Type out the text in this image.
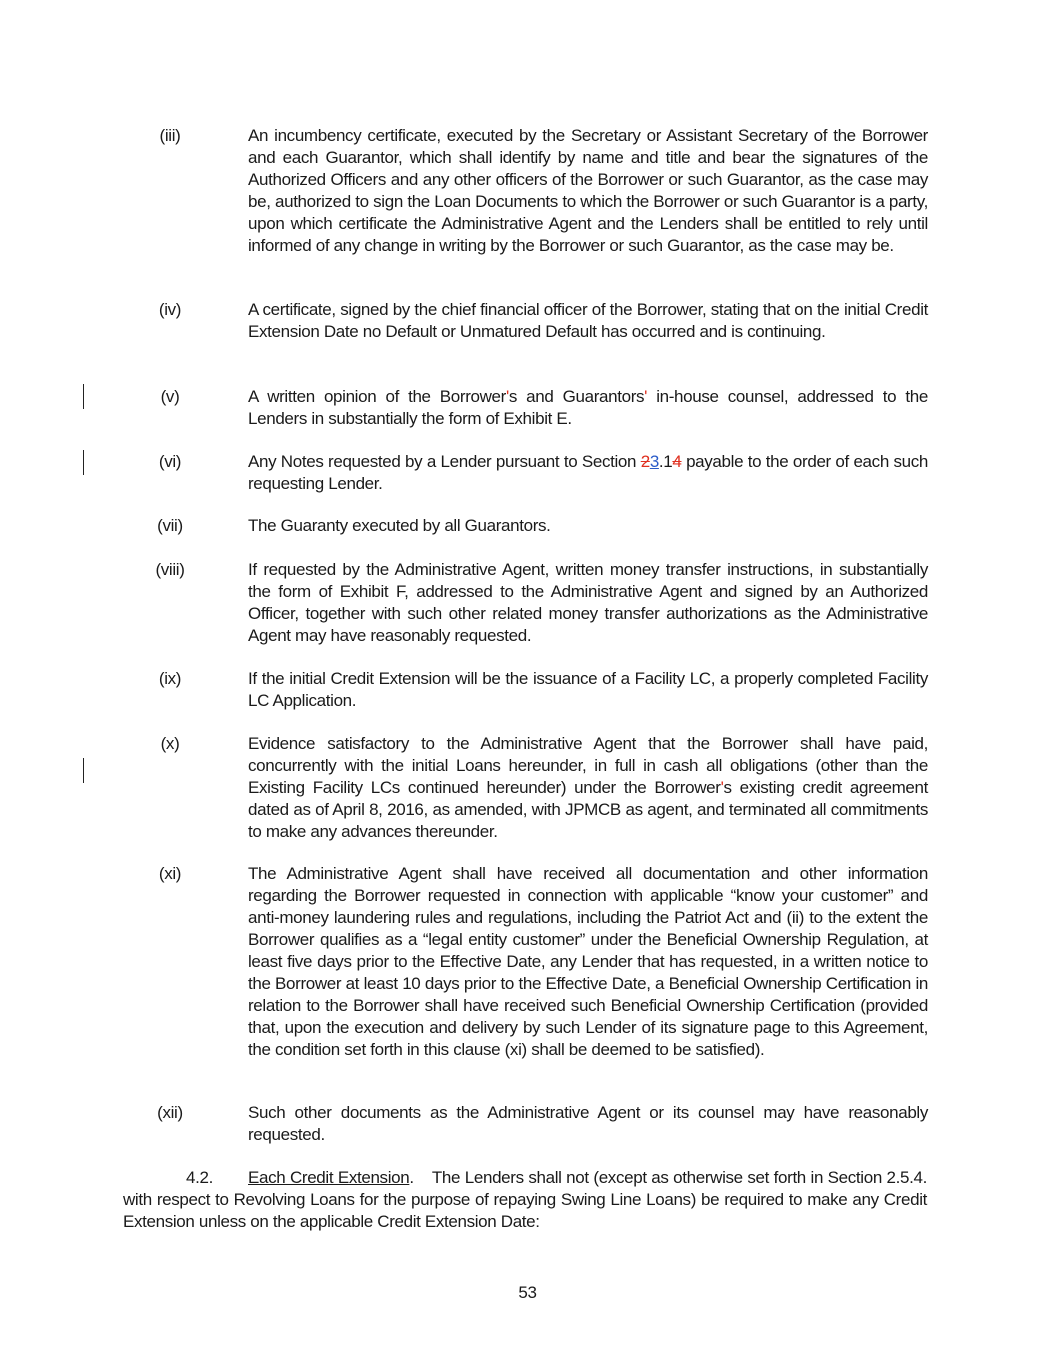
(iii)	An incumbency certificate, executed by the Secretary or Assistant Secretary of the Borrower and each Guarantor, which shall identify by name and title and bear the signatures of the Authorized Officers and any other officers of the Borrower or such Guarantor, as the case may be, authorized to sign the Loan Documents to which the Borrower or such Guarantor is a party, upon which certificate the Administrative Agent and the Lenders shall be entitled to rely until informed of any change in writing by the Borrower or such Guarantor, as the case may be.
(iv)	A certificate, signed by the chief financial officer of the Borrower, stating that on the initial Credit Extension Date no Default or Unmatured Default has occurred and is continuing.
(v)	A written opinion of the Borrower's and Guarantors' in-house counsel, addressed to the Lenders in substantially the form of Exhibit E.
(vi)	Any Notes requested by a Lender pursuant to Section 23.14 payable to the order of each such requesting Lender.
(vii)	The Guaranty executed by all Guarantors.
(viii)	If requested by the Administrative Agent, written money transfer instructions, in substantially the form of Exhibit F, addressed to the Administrative Agent and signed by an Authorized Officer, together with such other related money transfer authorizations as the Administrative Agent may have reasonably requested.
(ix)	If the initial Credit Extension will be the issuance of a Facility LC, a properly completed Facility LC Application.
(x)	Evidence satisfactory to the Administrative Agent that the Borrower shall have paid, concurrently with the initial Loans hereunder, in full in cash all obligations (other than the Existing Facility LCs continued hereunder) under the Borrower's existing credit agreement dated as of April 8, 2016, as amended, with JPMCB as agent, and terminated all commitments to make any advances thereunder.
(xi)	The Administrative Agent shall have received all documentation and other information regarding the Borrower requested in connection with applicable “know your customer” and anti-money laundering rules and regulations, including the Patriot Act and (ii) to the extent the Borrower qualifies as a “legal entity customer” under the Beneficial Ownership Regulation, at least five days prior to the Effective Date, any Lender that has requested, in a written notice to the Borrower at least 10 days prior to the Effective Date, a Beneficial Ownership Certification in relation to the Borrower shall have received such Beneficial Ownership Certification (provided that, upon the execution and delivery by such Lender of its signature page to this Agreement, the condition set forth in this clause (xi) shall be deemed to be satisfied).
(xii)	Such other documents as the Administrative Agent or its counsel may have reasonably requested.
4.2. Each Credit Extension. The Lenders shall not (except as otherwise set forth in Section 2.5.4. with respect to Revolving Loans for the purpose of repaying Swing Line Loans) be required to make any Credit Extension unless on the applicable Credit Extension Date:
53
